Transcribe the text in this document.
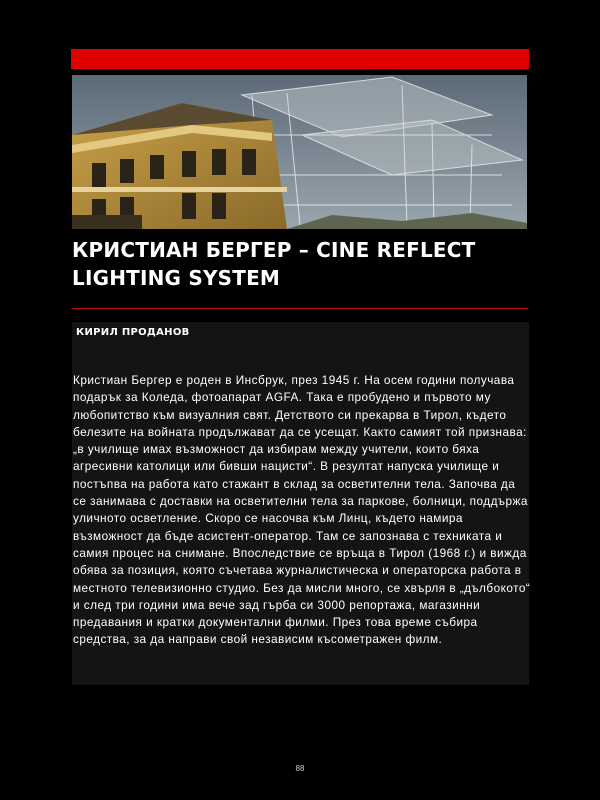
КРИСТИАН БЕРГЕР – CINE REFLECT LIGHTING SYSTEM
КИРИЛ ПРОДАНОВ

Кристиан Бергер е роден в Инсбрук, през 1945 г. На осем години получава подарък за Коледа, фотоапарат AGFA. Така е пробудено и първото му любопитство към визуалния свят. Детството си прекарва в Тирол, където белезите на войната продължават да се усещат. Както самият той признава: „в училище имах възможност да избирам между учители, които бяха агресивни католици или бивши нацисти“. В резултат напуска училище и постъпва на работа като стажант в склад за осветителни тела. Започва да се занимава с доставки на осветителни тела за паркове, болници, поддържа уличното осветление. Скоро се насочва към Линц, където намира възможност да бъде асистент-оператор. Там се запознава с техниката и самия процес на снимане. Впоследствие се връща в Тирол (1968 г.) и вижда обява за позиция, която съчетава журналистическа и операторска работа в местното телевизионно студио. Без да мисли много, се хвърля в „дълбокото“ и след три години има вече зад гърба си 3000 репортажа, магазинни предавания и кратки документални филми. През това време събира средства, за да направи свой независим късометражен филм.

88
